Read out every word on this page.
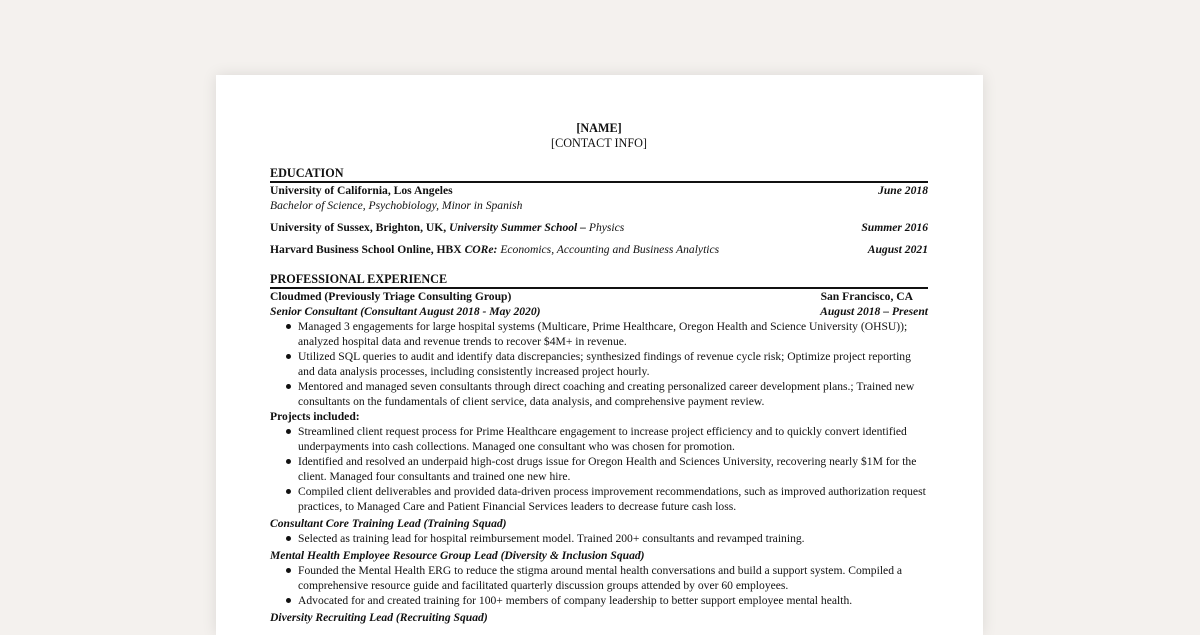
[NAME]
[CONTACT INFO]
EDUCATION
University of California, Los Angeles	June 2018
Bachelor of Science, Psychobiology, Minor in Spanish
University of Sussex, Brighton, UK, University Summer School – Physics	Summer 2016
Harvard Business School Online, HBX CORe: Economics, Accounting and Business Analytics	August 2021
PROFESSIONAL EXPERIENCE
Cloudmed (Previously Triage Consulting Group)	San Francisco, CA
Senior Consultant (Consultant August 2018 - May 2020)	August 2018 – Present
Managed 3 engagements for large hospital systems (Multicare, Prime Healthcare, Oregon Health and Science University (OHSU)); analyzed hospital data and revenue trends to recover $4M+ in revenue.
Utilized SQL queries to audit and identify data discrepancies; synthesized findings of revenue cycle risk; Optimize project reporting and data analysis processes, including consistently increased project hourly.
Mentored and managed seven consultants through direct coaching and creating personalized career development plans.; Trained new consultants on the fundamentals of client service, data analysis, and comprehensive payment review.
Projects included:
Streamlined client request process for Prime Healthcare engagement to increase project efficiency and to quickly convert identified underpayments into cash collections. Managed one consultant who was chosen for promotion.
Identified and resolved an underpaid high-cost drugs issue for Oregon Health and Sciences University, recovering nearly $1M for the client. Managed four consultants and trained one new hire.
Compiled client deliverables and provided data-driven process improvement recommendations, such as improved authorization request practices, to Managed Care and Patient Financial Services leaders to decrease future cash loss.
Consultant Core Training Lead (Training Squad)
Selected as training lead for hospital reimbursement model. Trained 200+ consultants and revamped training.
Mental Health Employee Resource Group Lead (Diversity & Inclusion Squad)
Founded the Mental Health ERG to reduce the stigma around mental health conversations and build a support system. Compiled a comprehensive resource guide and facilitated quarterly discussion groups attended by over 60 employees.
Advocated for and created training for 100+ members of company leadership to better support employee mental health.
Diversity Recruiting Lead (Recruiting Squad)
